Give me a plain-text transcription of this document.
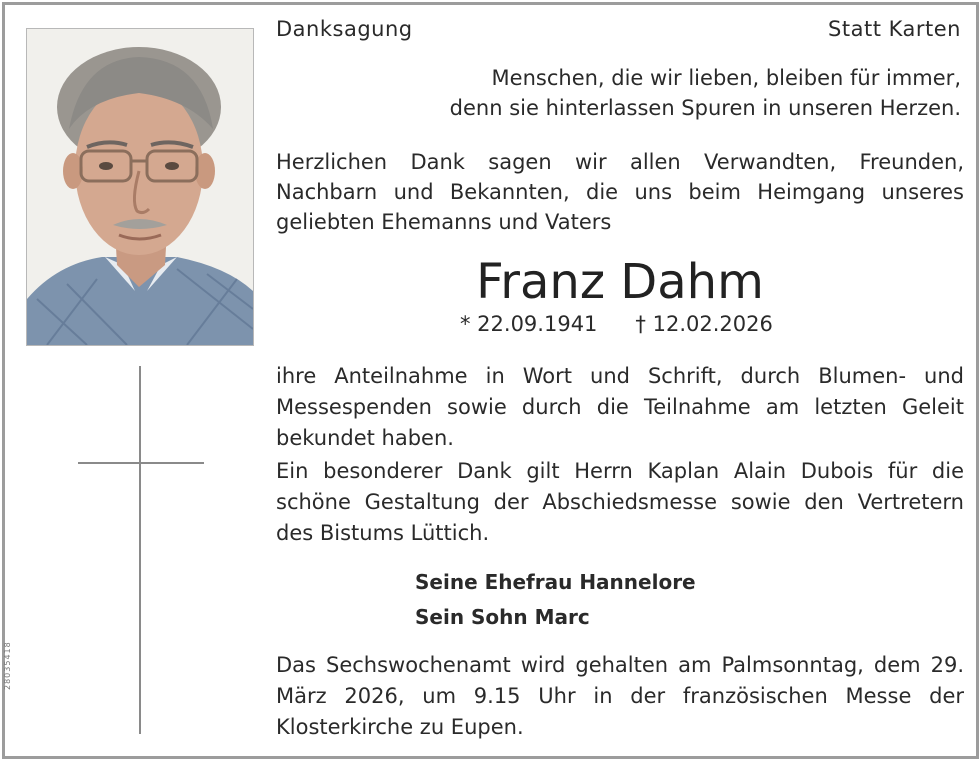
28035418
Danksagung	Statt Karten
Menschen, die wir lieben, bleiben für immer,
denn sie hinterlassen Spuren in unseren Herzen.
Herzlichen Dank sagen wir allen Verwandten, Freunden, Nachbarn und Bekannten, die uns beim Heimgang unseres geliebten Ehemanns und Vaters
Franz Dahm
* 22.09.1941 † 12.02.2026
ihre Anteilnahme in Wort und Schrift, durch Blumen- und Messespenden sowie durch die Teilnahme am letzten Geleit bekundet haben.
Ein besonderer Dank gilt Herrn Kaplan Alain Dubois für die schöne Gestaltung der Abschiedsmesse sowie den Vertretern des Bistums Lüttich.
Seine Ehefrau Hannelore
Sein Sohn Marc
Das Sechswochenamt wird gehalten am Palmsonntag, dem 29. März 2026, um 9.15 Uhr in der französischen Messe der Klosterkirche zu Eupen.
